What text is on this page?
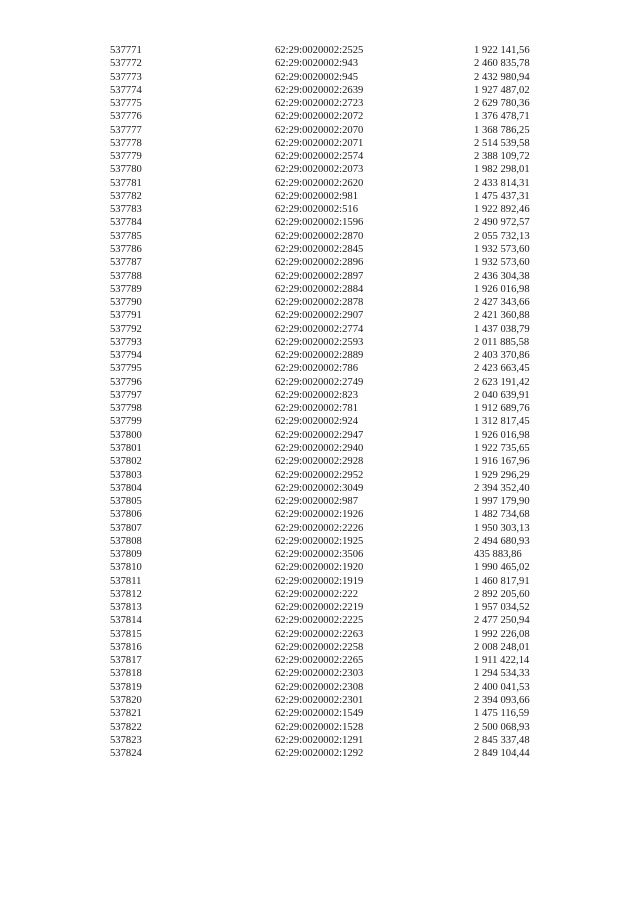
537771	62:29:0020002:2525	1 922 141,56
537772	62:29:0020002:943	2 460 835,78
537773	62:29:0020002:945	2 432 980,94
537774	62:29:0020002:2639	1 927 487,02
537775	62:29:0020002:2723	2 629 780,36
537776	62:29:0020002:2072	1 376 478,71
537777	62:29:0020002:2070	1 368 786,25
537778	62:29:0020002:2071	2 514 539,58
537779	62:29:0020002:2574	2 388 109,72
537780	62:29:0020002:2073	1 982 298,01
537781	62:29:0020002:2620	2 433 814,31
537782	62:29:0020002:981	1 475 437,31
537783	62:29:0020002:516	1 922 892,46
537784	62:29:0020002:1596	2 490 972,57
537785	62:29:0020002:2870	2 055 732,13
537786	62:29:0020002:2845	1 932 573,60
537787	62:29:0020002:2896	1 932 573,60
537788	62:29:0020002:2897	2 436 304,38
537789	62:29:0020002:2884	1 926 016,98
537790	62:29:0020002:2878	2 427 343,66
537791	62:29:0020002:2907	2 421 360,88
537792	62:29:0020002:2774	1 437 038,79
537793	62:29:0020002:2593	2 011 885,58
537794	62:29:0020002:2889	2 403 370,86
537795	62:29:0020002:786	2 423 663,45
537796	62:29:0020002:2749	2 623 191,42
537797	62:29:0020002:823	2 040 639,91
537798	62:29:0020002:781	1 912 689,76
537799	62:29:0020002:924	1 312 817,45
537800	62:29:0020002:2947	1 926 016,98
537801	62:29:0020002:2940	1 922 735,65
537802	62:29:0020002:2928	1 916 167,96
537803	62:29:0020002:2952	1 929 296,29
537804	62:29:0020002:3049	2 394 352,40
537805	62:29:0020002:987	1 997 179,90
537806	62:29:0020002:1926	1 482 734,68
537807	62:29:0020002:2226	1 950 303,13
537808	62:29:0020002:1925	2 494 680,93
537809	62:29:0020002:3506	435 883,86
537810	62:29:0020002:1920	1 990 465,02
537811	62:29:0020002:1919	1 460 817,91
537812	62:29:0020002:222	2 892 205,60
537813	62:29:0020002:2219	1 957 034,52
537814	62:29:0020002:2225	2 477 250,94
537815	62:29:0020002:2263	1 992 226,08
537816	62:29:0020002:2258	2 008 248,01
537817	62:29:0020002:2265	1 911 422,14
537818	62:29:0020002:2303	1 294 534,33
537819	62:29:0020002:2308	2 400 041,53
537820	62:29:0020002:2301	2 394 093,66
537821	62:29:0020002:1549	1 475 116,59
537822	62:29:0020002:1528	2 500 068,93
537823	62:29:0020002:1291	2 845 337,48
537824	62:29:0020002:1292	2 849 104,44
